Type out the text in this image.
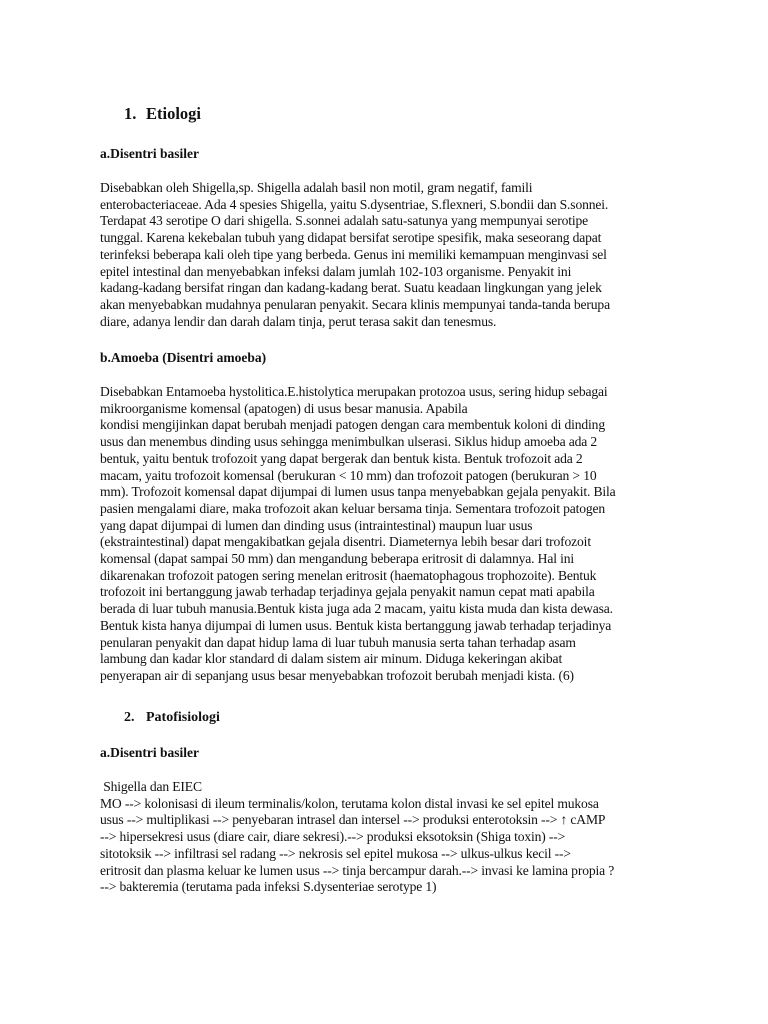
1. Etiologi
a.Disentri basiler
Disebabkan oleh Shigella,sp. Shigella adalah basil non motil, gram negatif, famili
enterobacteriaceae. Ada 4 spesies Shigella, yaitu S.dysentriae, S.flexneri, S.bondii dan S.sonnei.
Terdapat 43 serotipe O dari shigella. S.sonnei adalah satu-satunya yang mempunyai serotipe
tunggal. Karena kekebalan tubuh yang didapat bersifat serotipe spesifik, maka seseorang dapat
terinfeksi beberapa kali oleh tipe yang berbeda. Genus ini memiliki kemampuan menginvasi sel
epitel intestinal dan menyebabkan infeksi dalam jumlah 102-103 organisme. Penyakit ini
kadang-kadang bersifat ringan dan kadang-kadang berat. Suatu keadaan lingkungan yang jelek
akan menyebabkan mudahnya penularan penyakit. Secara klinis mempunyai tanda-tanda berupa
diare, adanya lendir dan darah dalam tinja, perut terasa sakit dan tenesmus.
b.Amoeba (Disentri amoeba)
Disebabkan Entamoeba hystolitica.E.histolytica merupakan protozoa usus, sering hidup sebagai
mikroorganisme komensal (apatogen) di usus besar manusia. Apabila
kondisi mengijinkan dapat berubah menjadi patogen dengan cara membentuk koloni di dinding
usus dan menembus dinding usus sehingga menimbulkan ulserasi. Siklus hidup amoeba ada 2
bentuk, yaitu bentuk trofozoit yang dapat bergerak dan bentuk kista. Bentuk trofozoit ada 2
macam, yaitu trofozoit komensal (berukuran < 10 mm) dan trofozoit patogen (berukuran > 10
mm). Trofozoit komensal dapat dijumpai di lumen usus tanpa menyebabkan gejala penyakit. Bila
pasien mengalami diare, maka trofozoit akan keluar bersama tinja. Sementara trofozoit patogen
yang dapat dijumpai di lumen dan dinding usus (intraintestinal) maupun luar usus
(ekstraintestinal) dapat mengakibatkan gejala disentri. Diameternya lebih besar dari trofozoit
komensal (dapat sampai 50 mm) dan mengandung beberapa eritrosit di dalamnya. Hal ini
dikarenakan trofozoit patogen sering menelan eritrosit (haematophagous trophozoite). Bentuk
trofozoit ini bertanggung jawab terhadap terjadinya gejala penyakit namun cepat mati apabila
berada di luar tubuh manusia.Bentuk kista juga ada 2 macam, yaitu kista muda dan kista dewasa.
Bentuk kista hanya dijumpai di lumen usus. Bentuk kista bertanggung jawab terhadap terjadinya
penularan penyakit dan dapat hidup lama di luar tubuh manusia serta tahan terhadap asam
lambung dan kadar klor standard di dalam sistem air minum. Diduga kekeringan akibat
penyerapan air di sepanjang usus besar menyebabkan trofozoit berubah menjadi kista. (6)
2. Patofisiologi
a.Disentri basiler
Shigella dan EIEC
MO --> kolonisasi di ileum terminalis/kolon, terutama kolon distal invasi ke sel epitel mukosa
usus --> multiplikasi --> penyebaran intrasel dan intersel --> produksi enterotoksin --> ↑ cAMP
--> hipersekresi usus (diare cair, diare sekresi).--> produksi eksotoksin (Shiga toxin) -->
sitotoksik --> infiltrasi sel radang --> nekrosis sel epitel mukosa --> ulkus-ulkus kecil -->
eritrosit dan plasma keluar ke lumen usus --> tinja bercampur darah.--> invasi ke lamina propia ?
--> bakteremia (terutama pada infeksi S.dysenteriae serotype 1)
